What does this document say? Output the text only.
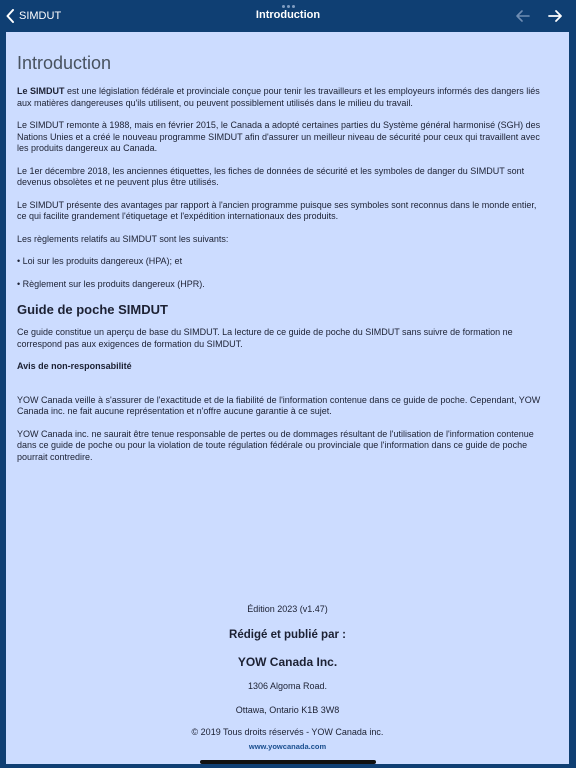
SIMDUT	Introduction
Introduction

Le SIMDUT est une législation fédérale et provinciale conçue pour tenir les travailleurs et les employeurs informés des dangers liés aux matières dangereuses qu'ils utilisent, ou peuvent possiblement utilisés dans le milieu du travail.

Le SIMDUT remonte à 1988, mais en février 2015, le Canada a adopté certaines parties du Système général harmonisé (SGH) des Nations Unies et a créé le nouveau programme SIMDUT afin d'assurer un meilleur niveau de sécurité pour ceux qui travaillent avec les produits dangereux au Canada.

Le 1er décembre 2018, les anciennes étiquettes, les fiches de données de sécurité et les symboles de danger du SIMDUT sont devenus obsolètes et ne peuvent plus être utilisés.

Le SIMDUT présente des avantages par rapport à l'ancien programme puisque ses symboles sont reconnus dans le monde entier, ce qui facilite grandement l'étiquetage et l'expédition internationaux des produits.

Les règlements relatifs au SIMDUT sont les suivants:

• Loi sur les produits dangereux (HPA); et

• Règlement sur les produits dangereux (HPR).

Guide de poche SIMDUT

Ce guide constitue un aperçu de base du SIMDUT. La lecture de ce guide de poche du SIMDUT sans suivre de formation ne correspond pas aux exigences de formation du SIMDUT.

Avis de non-responsabilité

YOW Canada veille à s'assurer de l'exactitude et de la fiabilité de l'information contenue dans ce guide de poche. Cependant, YOW Canada inc. ne fait aucune représentation et n'offre aucune garantie à ce sujet.

YOW Canada inc. ne saurait être tenue responsable de pertes ou de dommages résultant de l'utilisation de l'information contenue dans ce guide de poche ou pour la violation de toute régulation fédérale ou provinciale que l'information dans ce guide de poche pourrait contredire.

Édition 2023 (v1.47)
Rédigé et publié par :
YOW Canada Inc.
1306 Algoma Road.
Ottawa, Ontario K1B 3W8
© 2019 Tous droits réservés - YOW Canada inc.
www.yowcanada.com
